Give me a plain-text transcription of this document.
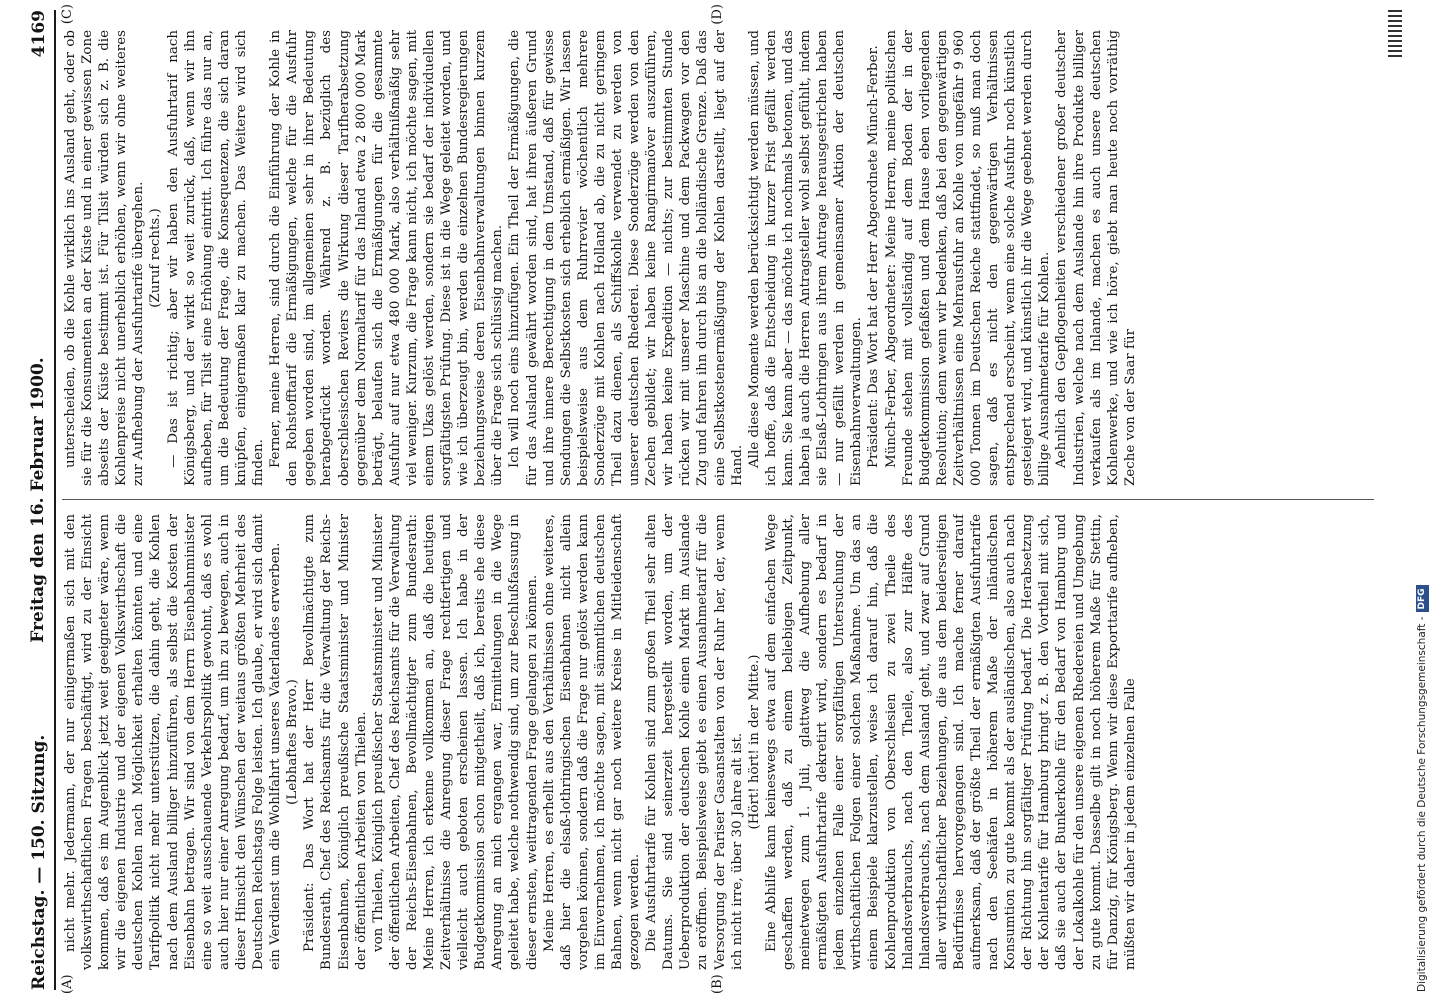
Reichstag. — 150. Sitzung.
Freitag den 16. Februar 1900.
4169
(A)	(B)
(C)	(D)

nicht mehr. Jedermann, der nur einigermaßen sich mit den volkswirthschaftlichen Fragen beschäftigt, wird zu der Einsicht kommen, daß es im Augenblick jetzt weit geeigneter wäre, wenn wir die eigenen Industrie und der eigenen Volkswirthschaft die deutschen Kohlen nach Möglichkeit erhalten könnten und eine Tarifpolitik nicht mehr unterstützen, die dahin geht, die Kohlen nach dem Ausland billiger hinzuführen, als selbst die Kosten der Eisenbahn betragen. Wir sind von dem Herrn Eisenbahnminister eine so weit ausschauende Verkehrspolitik gewohnt, daß es wohl auch hier nur einer Anregung bedarf, um ihn zu bewegen, auch in dieser Hinsicht den Wünschen der weitaus größten Mehrheit des Deutschen Reichstags Folge leisten. Ich glaube, er wird sich damit ein Verdienst um die Wohlfahrt unseres Vaterlandes erwerben. (Lebhaftes Bravo.) Präsident: Das Wort hat der Herr Bevollmächtigte zum Bundesrath, Chef des Reichsamts für die Verwaltung der Reichs-Eisenbahnen, Königlich preußische Staatsminister und Minister der öffentlichen Arbeiten von Thielen. von Thielen, Königlich preußischer Staatsminister und Minister der öffentlichen Arbeiten, Chef des Reichsamts für die Verwaltung der Reichs-Eisenbahnen, Bevollmächtigter zum Bundesrath: Meine Herren, ich erkenne vollkommen an, daß die heutigen Zeitverhältnisse die Anregung dieser Frage rechtfertigen und vielleicht auch geboten erscheinen lassen. Ich habe in der Budgetkommission schon mitgetheilt, daß ich, bereits ehe diese Anregung an mich ergangen war, Ermittelungen in die Wege geleitet habe, welche nothwendig sind, um zur Beschlußfassung in dieser ernsten, weittragenden Frage gelangen zu können. Meine Herren, es erhellt aus den Verhältnissen ohne weiteres, daß hier die elsaß-lothringischen Eisenbahnen nicht allein vorgehen können, sondern daß die Frage nur gelöst werden kann im Einvernehmen, ich möchte sagen, mit sämmtlichen deutschen Bahnen, wenn nicht gar noch weitere Kreise in Mitleidenschaft gezogen werden. Die Ausfuhrtarife für Kohlen sind zum großen Theil sehr alten Datums. Sie sind seinerzeit hergestellt worden, um der Ueberproduktion der deutschen Kohle einen Markt im Auslande zu eröffnen. Beispielsweise giebt es einen Ausnahmetarif für die Versorgung der Pariser Gasanstalten von der Ruhr her, der, wenn ich nicht irre, über 30 Jahre alt ist. (Hört! hört! in der Mitte.) Eine Abhilfe kann keineswegs etwa auf dem einfachen Wege geschaffen werden, daß zu einem beliebigen Zeitpunkt, meinetwegen zum 1. Juli, glattweg die Aufhebung aller ermäßigten Ausfuhrtarife dekretirt wird, sondern es bedarf in jedem einzelnen Falle einer sorgfältigen Untersuchung der wirthschaftlichen Folgen einer solchen Maßnahme. Um das an einem Beispiele klarzustellen, weise ich darauf hin, daß die Kohlenproduktion von Oberschlesien zu zwei Theile des Inlandsverbrauchs, nach den Theile, also zur Hälfte des Inlandsverbrauchs, nach dem Ausland geht, und zwar auf Grund aller wirthschaftlicher Beziehungen, die aus dem beiderseitigen Bedürfnisse hervorgegangen sind. Ich mache ferner darauf aufmerksam, daß der größte Theil der ermäßigten Ausfuhrtarife nach den Seehäfen in höherem Maße der inländischen Konsumtion zu gute kommt als der ausländischen, also auch nach der Richtung hin sorgfältiger Prüfung bedarf. Die Herabsetzung der Kohlentarife für Hamburg bringt z. B. den Vortheil mit sich, daß sie auch der Bunkerkohle für den Bedarf von Hamburg und der Lokalkohle für den unsere eigenen Rhedereien und Umgebung zu gute kommt. Dasselbe gilt in noch höherem Maße für Stettin, für Danzig, für Königsberg. Wenn wir diese Exporttarife aufheben, müßten wir daher in jedem einzelnen Falle

unterscheiden, ob die Kohle wirklich ins Ausland geht, oder ob sie für die Konsumenten an der Küste und in einer gewissen Zone abseits der Küste bestimmt ist. Für Tilsit würden sich z. B. die Kohlenpreise nicht unerheblich erhöhen, wenn wir ohne weiteres zur Aufhebung der Ausfuhrtarife übergehen. (Zuruf rechts.) — Das ist richtig; aber wir haben den Ausfuhrtarif nach Königsberg, und der wirkt so weit zurück, daß, wenn wir ihn aufheben, für Tilsit eine Erhöhung eintritt. Ich führe das nur an, um die Bedeutung der Frage, die Konsequenzen, die sich daran knüpfen, einigermaßen klar zu machen. Das Weitere wird sich finden. Ferner, meine Herren, sind durch die Einführung der Kohle in den Rohstofftarif die Ermäßigungen, welche für die Ausfuhr gegeben worden sind, im allgemeinen sehr in ihrer Bedeutung herabgedrückt worden. Während z. B. bezüglich des oberschlesischen Reviers die Wirkung dieser Tarifherabsetzung gegenüber dem Normaltarif für das Inland etwa 2 800 000 Mark beträgt, belaufen sich die Ermäßigungen für die gesammte Ausfuhr auf nur etwa 480 000 Mark, also verhältnißmäßig sehr viel weniger. Kurzum, die Frage kann nicht, ich möchte sagen, mit einem Ukas gelöst werden, sondern sie bedarf der individuellen sorgfältigsten Prüfung. Diese ist in die Wege geleitet worden, und wie ich überzeugt bin, werden die einzelnen Bundesregierungen beziehungsweise deren Eisenbahnverwaltungen binnen kurzem über die Frage sich schlüssig machen. Ich will noch eins hinzufügen. Ein Theil der Ermäßigungen, die für das Ausland gewährt worden sind, hat ihren äußeren Grund und ihre innere Berechtigung in dem Umstand, daß für gewisse Sendungen die Selbstkosten sich erheblich ermäßigen. Wir lassen beispielsweise aus dem Ruhrrevier wöchentlich mehrere Sonderzüge mit Kohlen nach Holland ab, die zu nicht geringem Theil dazu dienen, als Schiffskohle verwendet zu werden von unserer deutschen Rhederei. Diese Sonderzüge werden von den Zechen gebildet; wir haben keine Rangirmanöver auszuführen, wir haben keine Expedition — nichts; zur bestimmten Stunde rücken wir mit unserer Maschine und dem Packwagen vor den Zug und fahren ihn durch bis an die holländische Grenze. Daß das eine Selbstkostenermäßigung der Kohlen darstellt, liegt auf der Hand. Alle diese Momente werden berücksichtigt werden müssen, und ich hoffe, daß die Entscheidung in kurzer Frist gefällt werden kann. Sie kann aber — das möchte ich nochmals betonen, und das haben ja auch die Herren Antragsteller wohl selbst gefühlt, indem sie Elsaß-Lothringen aus ihrem Antrage herausgestrichen haben — nur gefällt werden in gemeinsamer Aktion der deutschen Eisenbahnverwaltungen. Präsident: Das Wort hat der Herr Abgeordnete Münch-Ferber. Münch-Ferber, Abgeordneter: Meine Herren, meine politischen Freunde stehen mit vollständig auf dem Boden der in der Budgetkommission gefaßten und dem Hause eben vorliegenden Resolution; denn wenn wir bedenken, daß bei den gegenwärtigen Zeitverhältnissen eine Mehrausfuhr an Kohle von ungefähr 9 960 000 Tonnen im Deutschen Reiche stattfindet, so muß man doch sagen, daß es nicht den gegenwärtigen Verhältnissen entsprechend erscheint, wenn eine solche Ausfuhr noch künstlich gesteigert wird, und künstlich ihr die Wege geebnet werden durch billige Ausnahmetarife für Kohlen. Aehnlich den Gepflogenheiten verschiedener großer deutscher Industrien, welche nach dem Auslande hin ihre Produkte billiger verkaufen als im Inlande, machen es auch unsere deutschen Kohlenwerke, und wie ich höre, giebt man heute noch vorräthig Zeche von der Saar für

Digitalisierung gefördert durch die Deutsche Forschungsgemeinschaft -
DFG
